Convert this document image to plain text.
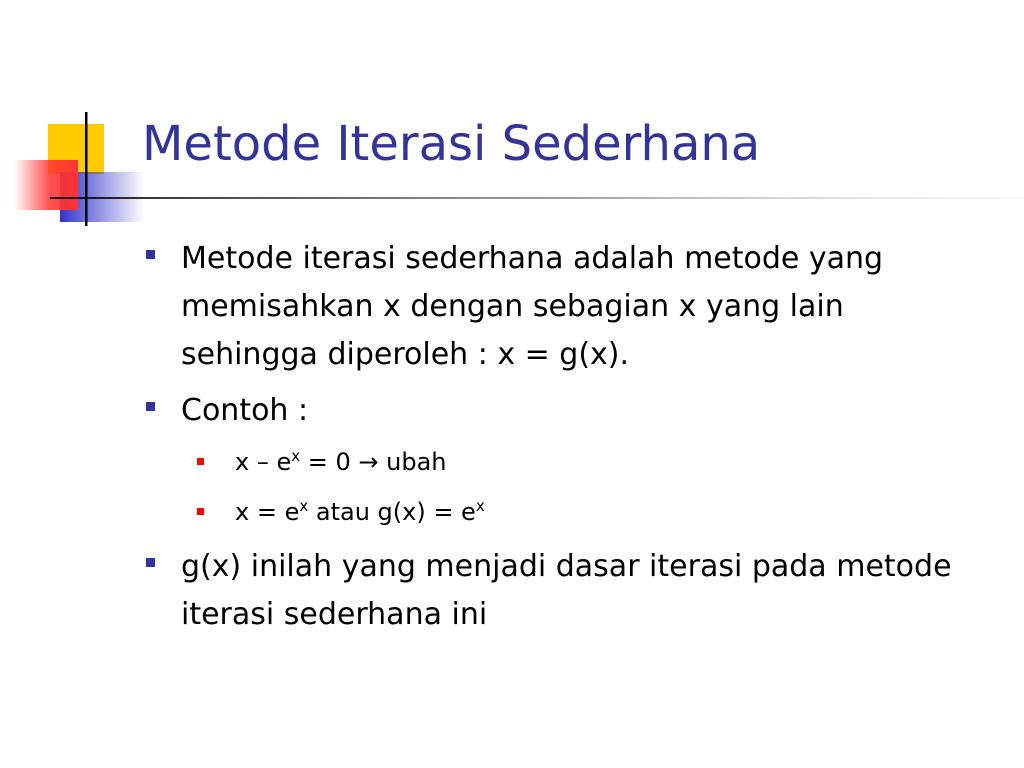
Metode Iterasi Sederhana
Metode iterasi sederhana adalah metode yang memisahkan x dengan sebagian x yang lain sehingga diperoleh : x = g(x).
Contoh :
$x - e^x = 0$ → ubah
$x = e^x$ atau $g(x) = e^x$
g(x) inilah yang menjadi dasar iterasi pada metode iterasi sederhana ini
